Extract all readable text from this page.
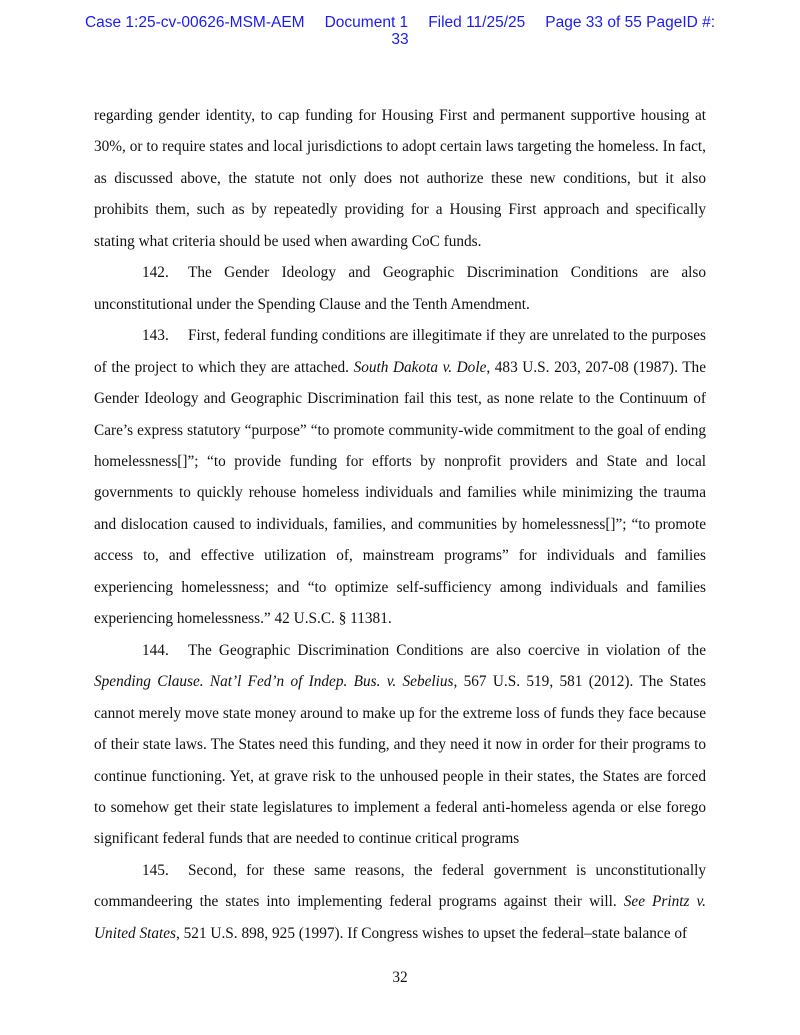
Case 1:25-cv-00626-MSM-AEM Document 1 Filed 11/25/25 Page 33 of 55 PageID #:
33

regarding gender identity, to cap funding for Housing First and permanent supportive housing at 30%, or to require states and local jurisdictions to adopt certain laws targeting the homeless. In fact, as discussed above, the statute not only does not authorize these new conditions, but it also prohibits them, such as by repeatedly providing for a Housing First approach and specifically stating what criteria should be used when awarding CoC funds.

142. The Gender Ideology and Geographic Discrimination Conditions are also unconstitutional under the Spending Clause and the Tenth Amendment.

143. First, federal funding conditions are illegitimate if they are unrelated to the purposes of the project to which they are attached. South Dakota v. Dole, 483 U.S. 203, 207-08 (1987). The Gender Ideology and Geographic Discrimination fail this test, as none relate to the Continuum of Care’s express statutory “purpose” “to promote community-wide commitment to the goal of ending homelessness[]”; “to provide funding for efforts by nonprofit providers and State and local governments to quickly rehouse homeless individuals and families while minimizing the trauma and dislocation caused to individuals, families, and communities by homelessness[]”; “to promote access to, and effective utilization of, mainstream programs” for individuals and families experiencing homelessness; and “to optimize self-sufficiency among individuals and families experiencing homelessness.” 42 U.S.C. § 11381.

144. The Geographic Discrimination Conditions are also coercive in violation of the Spending Clause. Nat’l Fed’n of Indep. Bus. v. Sebelius, 567 U.S. 519, 581 (2012). The States cannot merely move state money around to make up for the extreme loss of funds they face because of their state laws. The States need this funding, and they need it now in order for their programs to continue functioning. Yet, at grave risk to the unhoused people in their states, the States are forced to somehow get their state legislatures to implement a federal anti-homeless agenda or else forego significant federal funds that are needed to continue critical programs

145. Second, for these same reasons, the federal government is unconstitutionally commandeering the states into implementing federal programs against their will. See Printz v. United States, 521 U.S. 898, 925 (1997). If Congress wishes to upset the federal–state balance of

32
